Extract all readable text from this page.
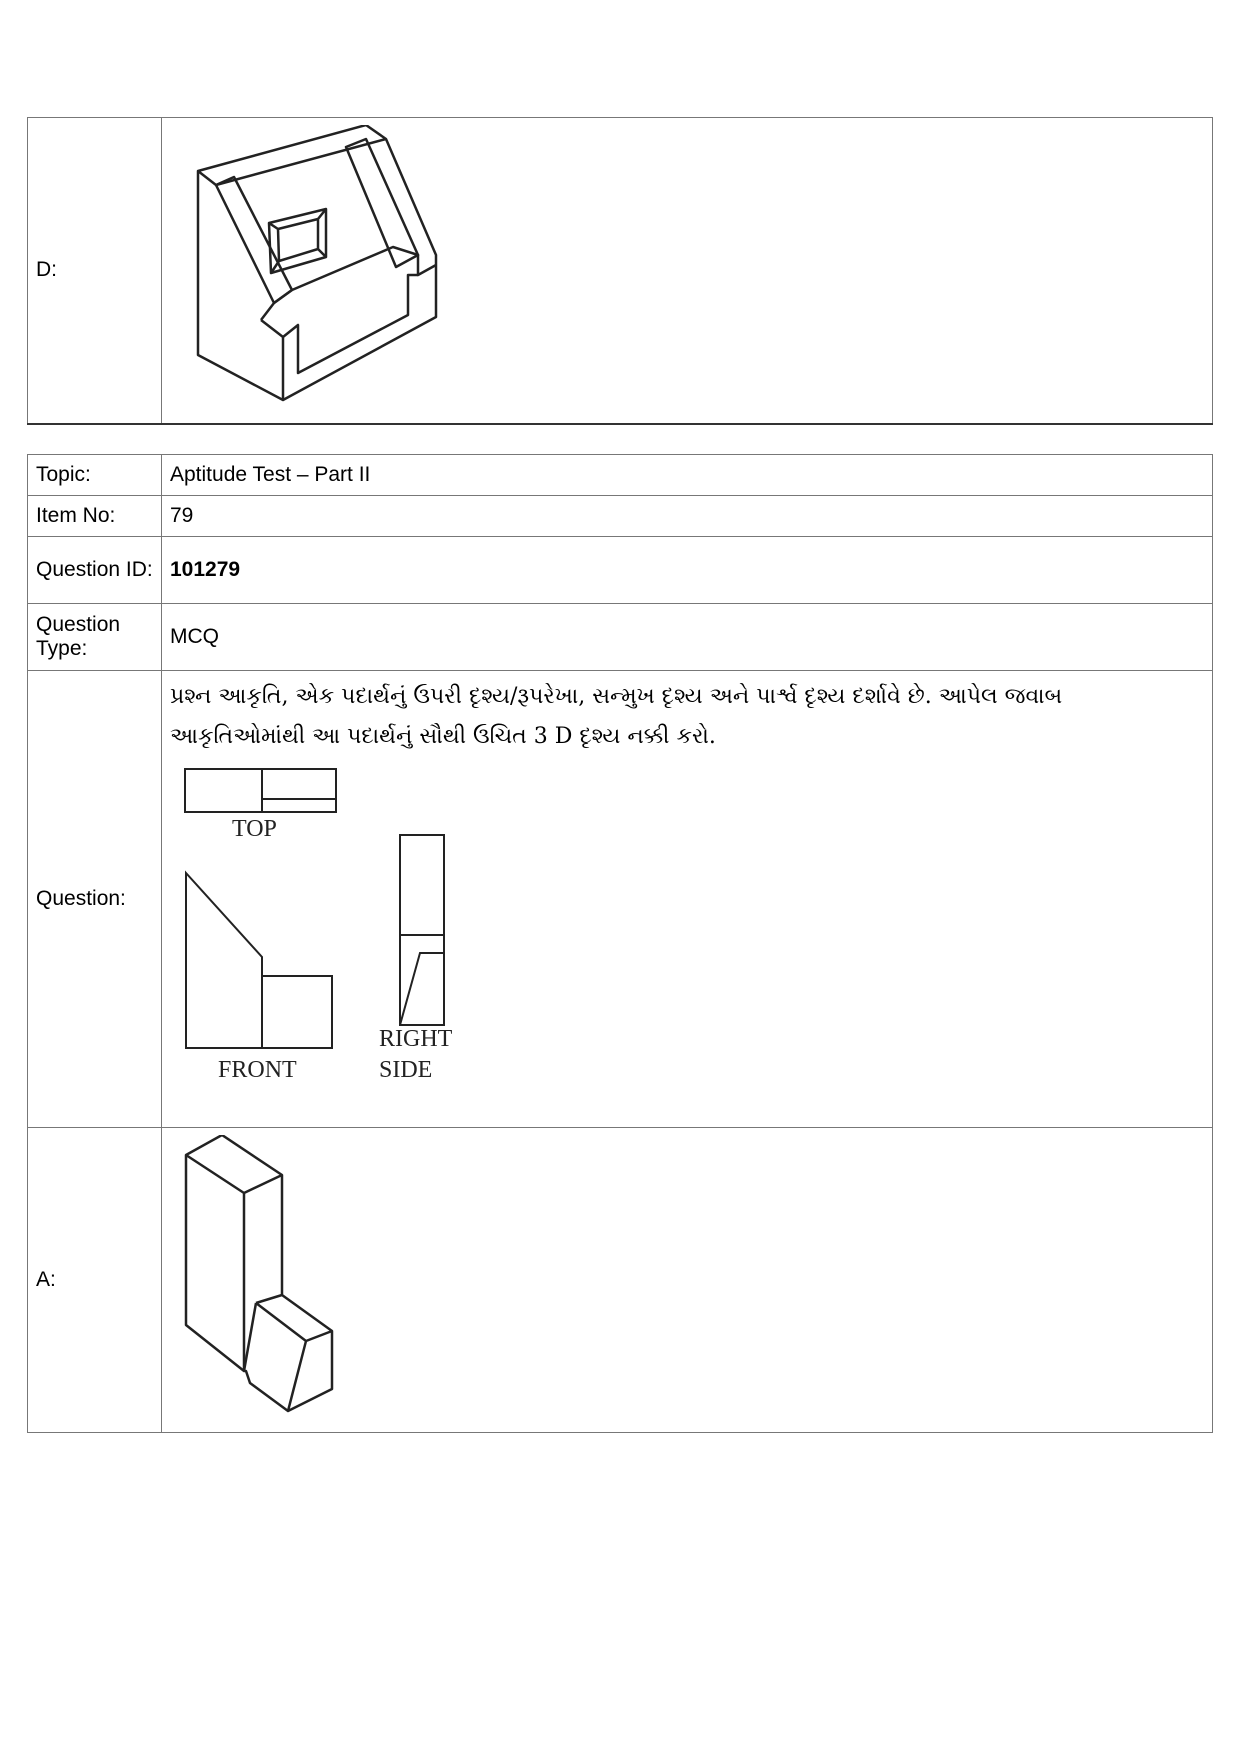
D:	
Topic:	Aptitude Test – Part II
Item No:	79
Question ID:	101279
Question Type:	MCQ
Question:	પ્રશ્ન આકૃતિ, એક પદાર્થનું ઉપરી દૃશ્ય/રૂપરેખા, સન્મુખ દૃશ્ય અને પાર્શ્વ દૃશ્ય દર્શાવે છે. આપેલ જવાબ આકૃતિઓમાંથી આ પદાર્થનું સૌથી ઉચિત 3 D દૃશ્ય નક્કી કરો.
TOP
FRONT
RIGHT
SIDE

A:	
